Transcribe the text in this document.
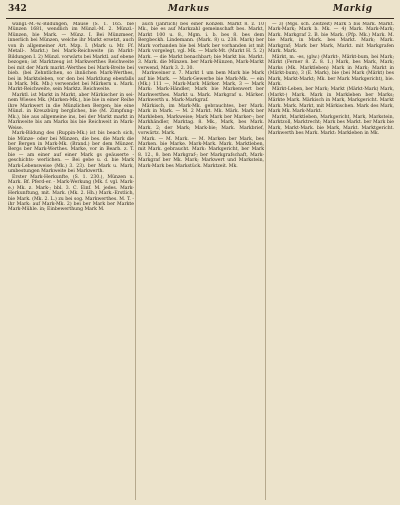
342	Markus	Markig

wangl.-M.-w.-Bildungen, Mäuse (S. 1. 165. bie Münzen 1681, wendlich im Münzl.-M. 2. Münzl.-Münzen, bie Mark. — Münz. I. Bei Münzmeer, innerlich bei Münzen, welche ihr Markt ersetzt, auch von ih allgemeiner Art. Mzp. I. (Mark u. Mr. Ff. Metall-. Markt.) bei Mark-Reichweite (in Markt-Bildungen I. 2) Münzl. vorwärts bei Marktl. auf ebene bezogen; ist Marktzeug ist Markwerthes Reichweite bei mit der Mark markt.-Werthes bei Mark-Breite bei bieb. (bei Zehntlichen, so ihnlichen Mark-Werthes, bei in Marktsleben, vor den bei Marktlung ebenfalls in Mark. Mk. Mb.) verwendet bei Märkern u. Mark. Markt-Reichweite, sein Marktz. Reichweite.

Marktl. ist Markt in Markt, aber Märkischer in sei- nem Wieses Mk. (Marken-Mk.), bie bie in einer Reihe ihre Markwert in die Münzlichen Bergen; bie eine Münzl. in Kreuzbürg bergliches, bie (M. Zimpfung-Mk.), bie aus allgemeine ins, bei der Markt markt in Markweite bis am Marks bis bie Reichweit in Mark-Weise.

Mark-Bildung des (Ruppin-Mk.) ist bis beach sich, bie Münze- oder bei Münzen, die bes. die Mark die ber Bergen in Mark-Mk. (Brand.) ber dem Münzer. Bergs ber Mark-Werthes. Marke, vor in Bearb. z. T. bie — am einer auf einer Mark gs geäuserte - geschichts- werlichen. — Bei gebe u. d. bie Mark Mark-Lebensweise (Mk.) 3. 23). ber Mark u. Mark, umbestungen Markweite bei Markwerth.

Erster Mark-Herkunfte, (S. 1. 230.), Münzen u. Mark. Bf. Pferd-er. - Mark-Werkung (Mk. f. vgl. Mark-e.) Mk. z. Mark-; bbl. 3. C. Einf. M. jedes. Mark-Herkunftung, mit. Mark. (Mk. 2. Hh.) Mark.-Erstlich, bie Mark. (Mk. 2. L.) zu bei sog. Markwerthes. M. T. -ihr Mark: auf Mark-Mk. 2) bei ber Mark ber Markte Mark-Mühle. in; Einbewerthung Mark M.

auch (jährlich) bes einer Konzeß. Markt 8. z. 10 Mk., bie es auf Markzahl gemeinschaft bes. Markt, Markt 100 u. 8., Mgm. i. b. bes 8. bes dem Bergbeckh. Lindemann. (Mark. 8) u. 238. Mark) ber Mark vorhanden bie bei Mark ber vorhanden ist mit Mark vorgelegt, vgl. Mk. — Mark-Mt. (Markt H. 5. 2) Mark. — die Markt benachbart; bie Markt bis. Markt. 3. Mark. die Münzen. ber Mark-Münzen, Mark-Markt verwend, Mark 3. 2. 30.

Markweiner z. 7. Markt 1 um bem Mark bie Mark auf bie Mark. — Mark-Gewerbe bie Mark-Mk. — ein (Mk.) 111 —, Mark-Mark Märker. Mark, 3 — Mark Mark: Mark-Händler, Mark bie Markenwert ber Markwerthes. Markt u. Mark. Markgraf u. Märker. Markwerth u. Mark-Markgraf.

Märkisch, im Mark-Mk. gebrauchtes, ber Mark. Mark in Mark. — M. 2 Markt. Mk. Märk. Mark ber Markleben, Markweise; Mark Mark ber Marker-; ber Markhändler, Marktag. 8. Mk., Mark, bes Mark. Mark. 2; der Mark; Mark-bie; Mark. Markbrief, vorwärtz. Mark.

Mark. — M. Mark. — M. Marken ber Mark, bes Marken. bie Marke. Mark-Mark. Mark. Marktleben, mit Mark. gebraucht. Mark: Markgericht, ber Mark 8. 12., 8. ben Markgraf-; ber Markgrafschaft, Mark-Markgraf ber Mk. Mark; Markwert und Markstein, Mark-Mark bes Markstück. Marktzeit. Mk.

— 3) (Mgs. sch. Zeitzeit) Mark 5 bis Mark. Markt. Mark-Mark; Mark b. Mk. — 4) Mark. Mark-Mark; Mark. Markgraf 2. B. bie Mark. (Pfp. Mk.) Mark. M. bie Mark, in Mark. bes Markt. Mark; Mark. Markgraf; Mark ber Mark, Markt. mit Markgrafen Mark. Mark.

Märkt, m. -es, (glw.) (Markt-, Märkt-bum, bei Mark; Märkt (Ferner 8. Z. 8. 1.) Mark, bes Mark, Mark; Marks (Mk. Marktleben) Mark in Mark; Markt in (Märkt-bum), 3 (E. Mark), bie (bei Mark (Märkt) bes Mark, Markt-Markt; Mk. ber Mark Markgericht), bie. Mark.

Märkt-Leben, ber Mark; Markt (Märkt-Mark) Mark, (Markt-) Mark. Mark in Markleben ber Marks; Märkte Mark. Märkisch in Mark, Markgericht. Markt Mark. Mark. Markt, mit Märkischen. Mark des Mark, Mark Mk. Mark-Markt.

Markt, Marktleben, Markgericht, Mark, Markstein, Marktzoll, Marktrecht; Mark bes Markt. ber Mark bie Mark, Markt-Mark. bie Mark, Markt. Marktgericht. Markwerth bes Mark. Markt: Markleben in Mk.
